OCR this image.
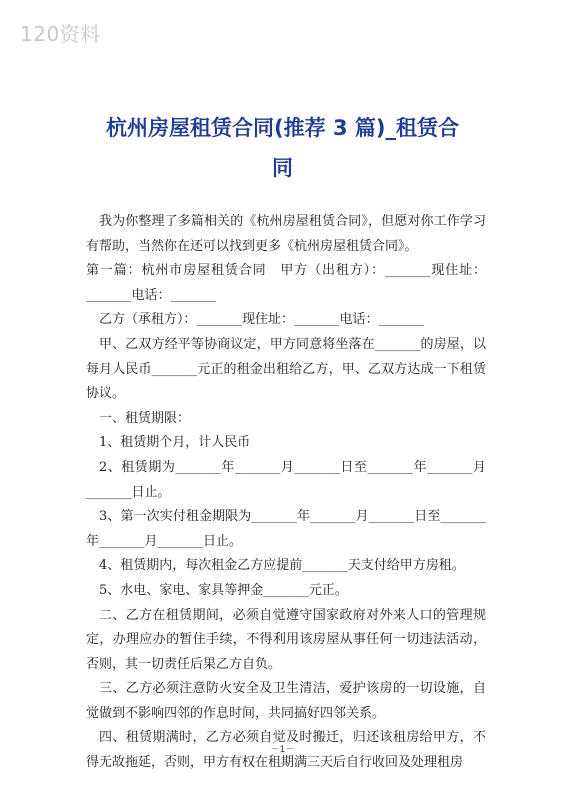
120资料
杭州房屋租赁合同(推荐 3 篇)_租赁合
同

我为你整理了多篇相关的《杭州房屋租赁合同》，但愿对你工作学习有帮助，当然你在还可以找到更多《杭州房屋租赁合同》。

第一篇：杭州市房屋租赁合同　甲方（出租方）：_______现住址：_______电话：_______

乙方（承租方）：_______现住址：_______电话：_______

甲、乙双方经平等协商议定，甲方同意将坐落在_______的房屋，以每月人民币_______元正的租金出租给乙方，甲、乙双方达成一下租赁协议。

一、租赁期限：

1、租赁期个月，计人民币

2、租赁期为_______年_______月_______日至_______年_______月_______日止。

3、第一次实付租金期限为_______年_______月_______日至_______年_______月_______日止。

4、租赁期内，每次租金乙方应提前_______天支付给甲方房租。

5、水电、家电、家具等押金_______元正。

二、乙方在租赁期间，必须自觉遵守国家政府对外来人口的管理规定，办理应办的暂住手续，不得利用该房屋从事任何一切违法活动，否则，其一切责任后果乙方自负。

三、乙方必须注意防火安全及卫生清洁，爱护该房的一切设施，自觉做到不影响四邻的作息时间，共同搞好四邻关系。

四、租赁期满时，乙方必须自觉及时搬迁，归还该租房给甲方，不得无故拖延，否则，甲方有权在租期满三天后自行收回及处理租房

－1－
